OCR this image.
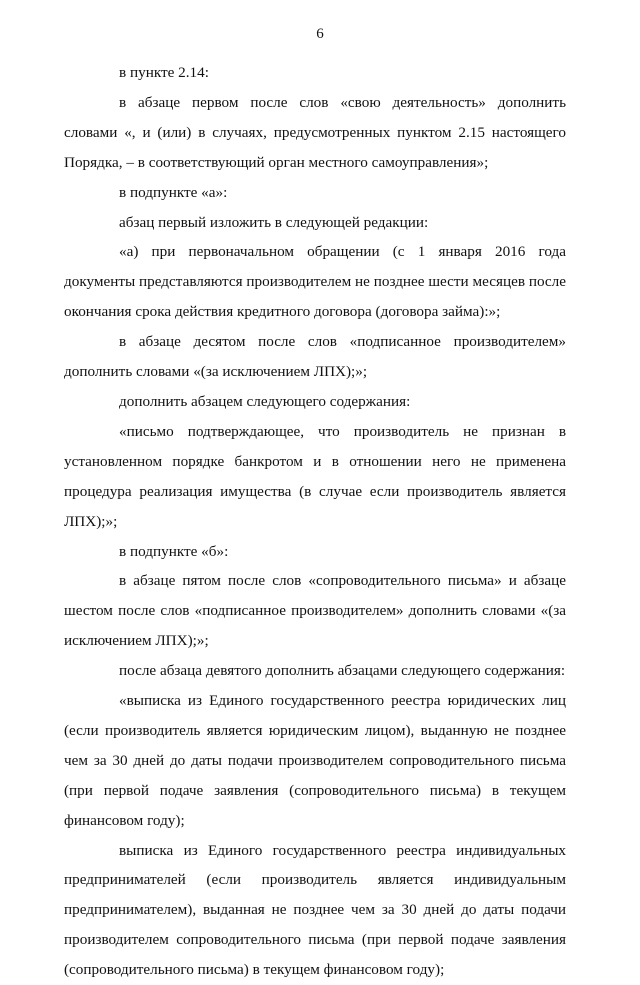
6

в пункте 2.14:

в абзаце первом после слов «свою деятельность» дополнить словами «, и (или) в случаях, предусмотренных пунктом 2.15 настоящего Порядка, – в соответствующий орган местного самоуправления»;

в подпункте «а»:

абзац первый изложить в следующей редакции:

«а) при первоначальном обращении (с 1 января 2016 года документы представляются производителем не позднее шести месяцев после окончания срока действия кредитного договора (договора займа):»;

в абзаце десятом после слов «подписанное производителем» дополнить словами «(за исключением ЛПХ);»;

дополнить абзацем следующего содержания:

«письмо подтверждающее, что производитель не признан в установленном порядке банкротом и в отношении него не применена процедура реализация имущества (в случае если производитель является ЛПХ);»;

в подпункте «б»:

в абзаце пятом после слов «сопроводительного письма» и абзаце шестом после слов «подписанное производителем» дополнить словами «(за исключением ЛПХ);»;

после абзаца девятого дополнить абзацами следующего содержания:

«выписка из Единого государственного реестра юридических лиц (если производитель является юридическим лицом), выданную не позднее чем за 30 дней до даты подачи производителем сопроводительного письма (при первой подаче заявления (сопроводительного письма) в текущем финансовом году);

выписка из Единого государственного реестра индивидуальных предпринимателей (если производитель является индивидуальным предпринимателем), выданная не позднее чем за 30 дней до даты подачи производителем сопроводительного письма (при первой подаче заявления (сопроводительного письма) в текущем финансовом году);
